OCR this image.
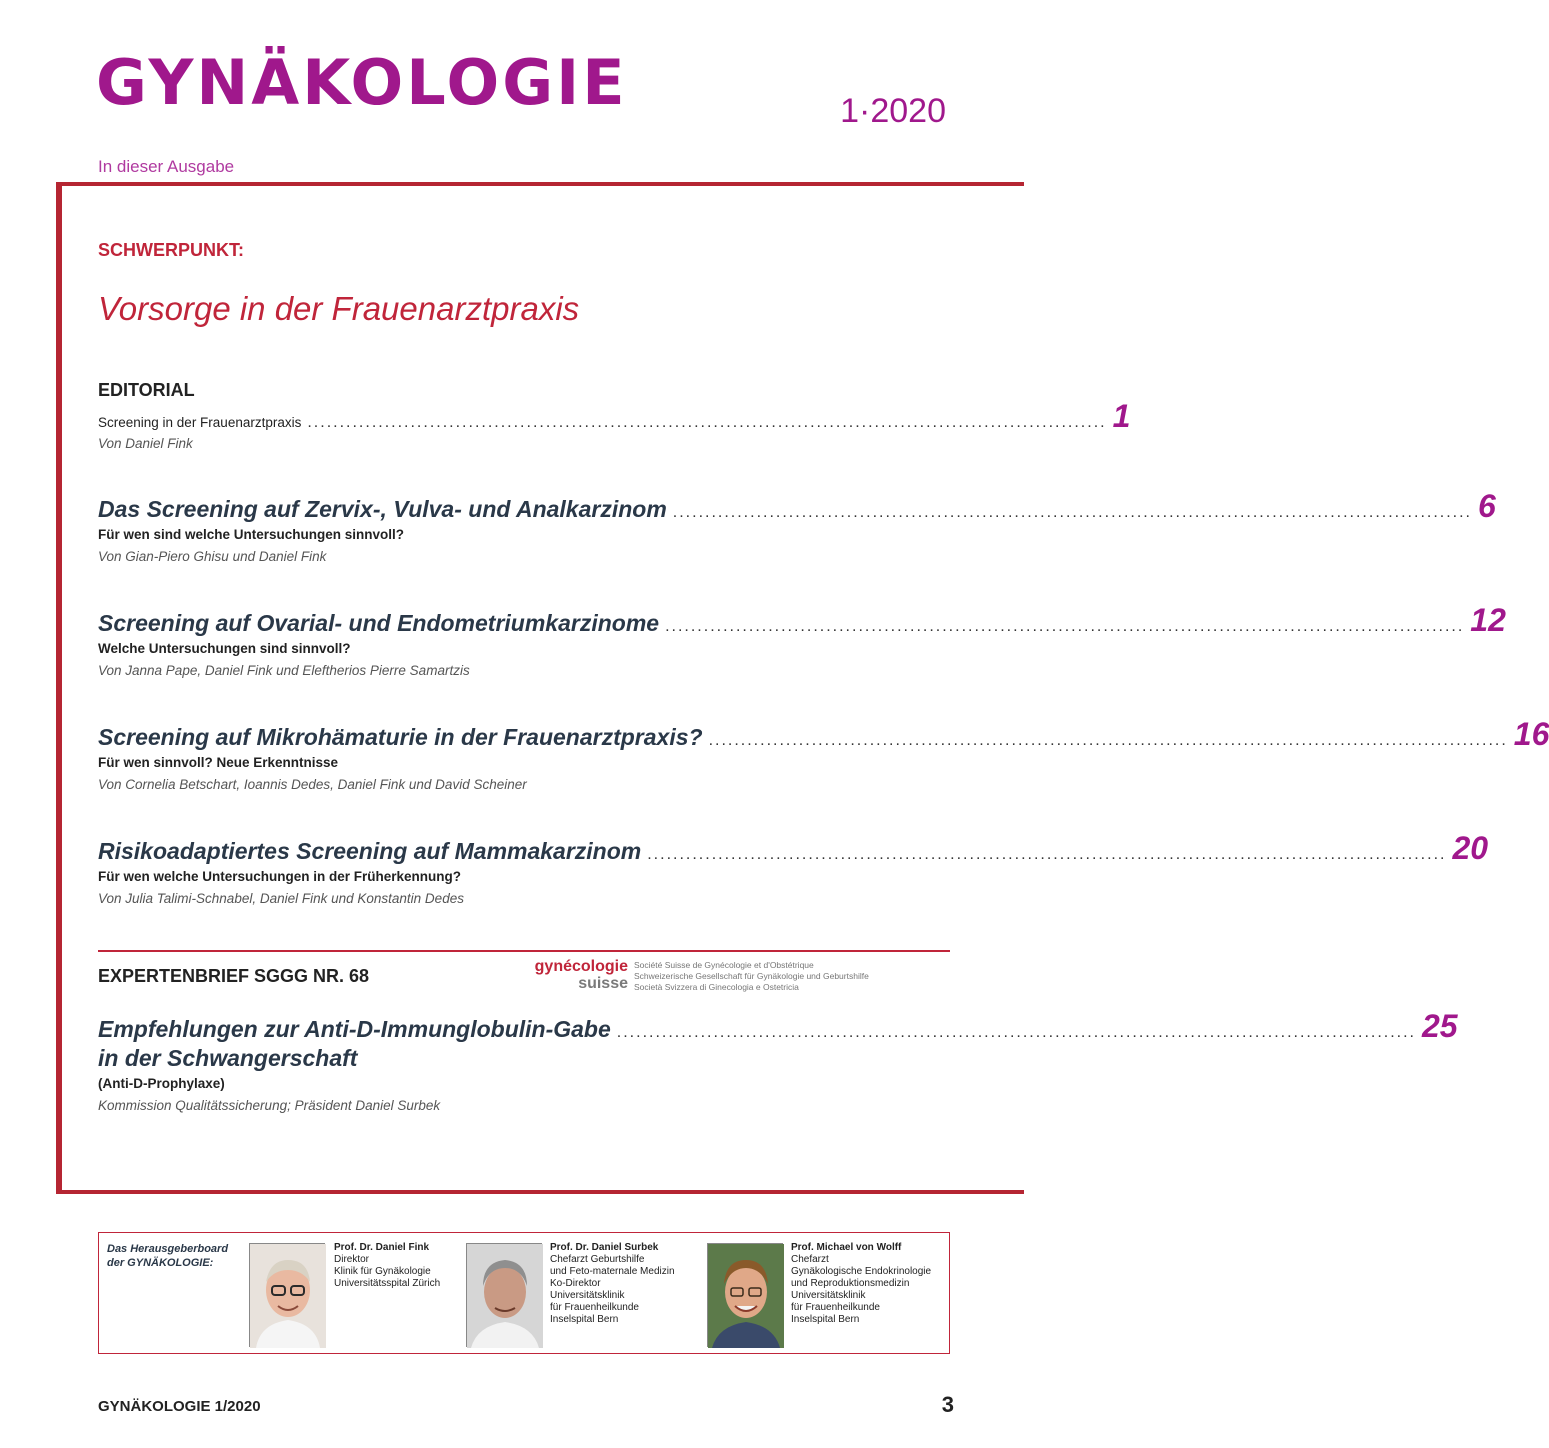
GYNÄKOLOGIE	1·2020
In dieser Ausgabe
SCHWERPUNKT:
Vorsorge in der Frauenarztpraxis
EDITORIAL
Screening in der Frauenarztpraxis ............................................................................................................................ 1
Von Daniel Fink
Das Screening auf Zervix-, Vulva- und Analkarzinom ............................................................................................................................ 6
Für wen sind welche Untersuchungen sinnvoll?
Von Gian-Piero Ghisu und Daniel Fink
Screening auf Ovarial- und Endometriumkarzinome ............................................................................................................................ 12
Welche Untersuchungen sind sinnvoll?
Von Janna Pape, Daniel Fink und Eleftherios Pierre Samartzis
Screening auf Mikrohämaturie in der Frauenarztpraxis? ............................................................................................................................ 16
Für wen sinnvoll? Neue Erkenntnisse
Von Cornelia Betschart, Ioannis Dedes, Daniel Fink und David Scheiner
Risikoadaptiertes Screening auf Mammakarzinom ............................................................................................................................ 20
Für wen welche Untersuchungen in der Früherkennung?
Von Julia Talimi-Schnabel, Daniel Fink und Konstantin Dedes
EXPERTENBRIEF SGGG NR. 68	gynécologie
suisse
Société Suisse de Gynécologie et d'Obstétrique
Schweizerische Gesellschaft für Gynäkologie und Geburtshilfe
Società Svizzera di Ginecologia e Ostetricia
Empfehlungen zur Anti-D-Immunglobulin-Gabe ............................................................................................................................ 25
in der Schwangerschaft
(Anti-D-Prophylaxe)
Kommission Qualitätssicherung; Präsident Daniel Surbek
Das Herausgeberboard
der GYNÄKOLOGIE:
Prof. Dr. Daniel Fink
Direktor
Klinik für Gynäkologie
Universitätsspital Zürich
Prof. Dr. Daniel Surbek
Chefarzt Geburtshilfe
und Feto-maternale Medizin
Ko-Direktor
Universitätsklinik
für Frauenheilkunde
Inselspital Bern
Prof. Michael von Wolff
Chefarzt
Gynäkologische Endokrinologie
und Reproduktionsmedizin
Universitätsklinik
für Frauenheilkunde
Inselspital Bern
GYNÄKOLOGIE 1/2020	3
